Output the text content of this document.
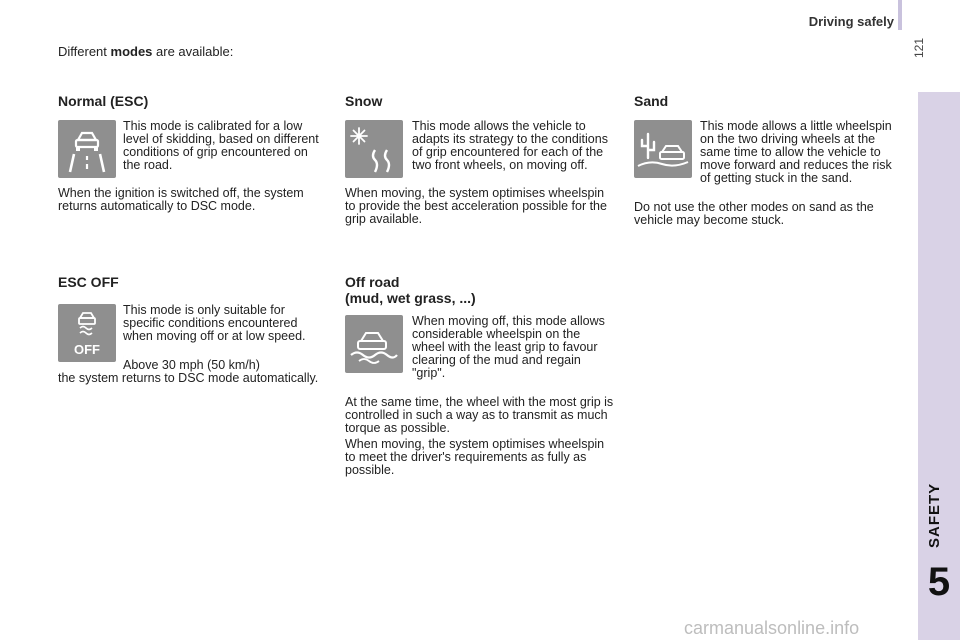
Driving safely
121
SAFETY
5
Different modes are available:
Normal (ESC)

This mode is calibrated for a low level of skidding, based on different conditions of grip encountered on the road.

When the ignition is switched off, the system returns automatically to DSC mode.

ESC OFF
OFF

This mode is only suitable for specific conditions encountered when moving off or at low speed.

Above 30 mph (50 km/h)

the system returns to DSC mode automatically.

Snow

This mode allows the vehicle to adapts its strategy to the conditions of grip encountered for each of the two front wheels, on moving off.

When moving, the system optimises wheelspin to provide the best acceleration possible for the grip available.

Off road
(mud, wet grass, ...)

When moving off, this mode allows considerable wheelspin on the wheel with the least grip to favour clearing of the mud and regain "grip".

At the same time, the wheel with the most grip is controlled in such a way as to transmit as much torque as possible.

When moving, the system optimises wheelspin to meet the driver's requirements as fully as possible.

Sand

This mode allows a little wheelspin on the two driving wheels at the same time to allow the vehicle to move forward and reduces the risk of getting stuck in the sand.

Do not use the other modes on sand as the vehicle may become stuck.

carmanualsonline.info
